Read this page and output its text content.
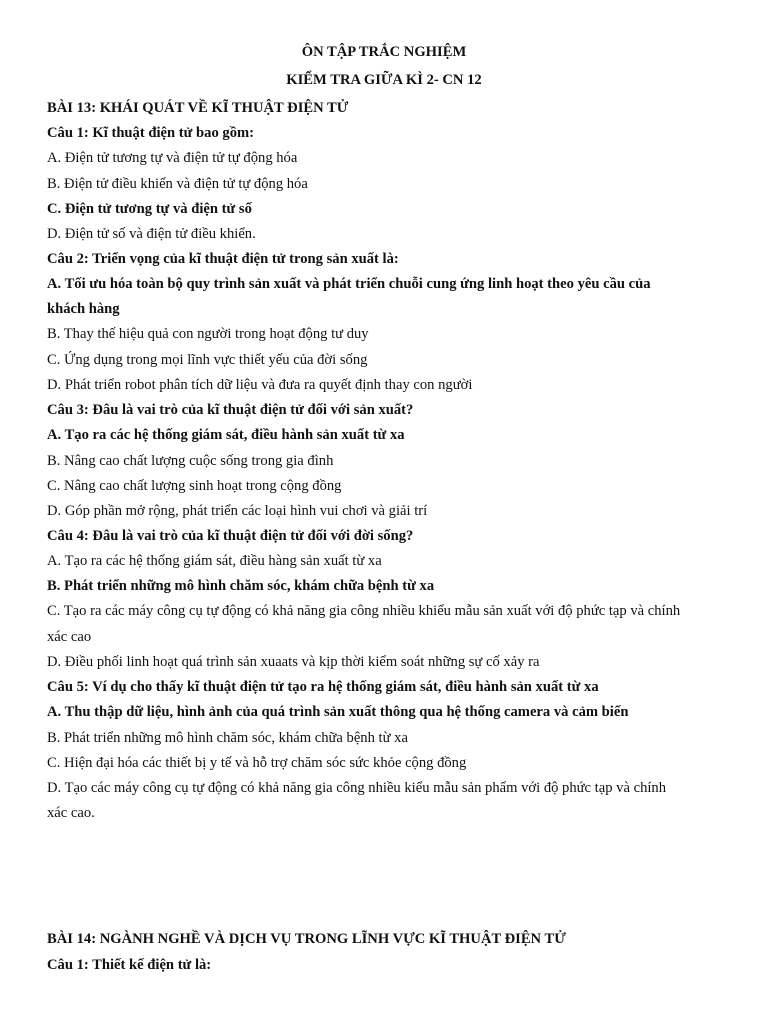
ÔN TẬP TRẮC NGHIỆM
KIỂM TRA GIỮA KÌ 2- CN 12
BÀI 13: KHÁI QUÁT VỀ KĨ THUẬT ĐIỆN TỬ
Câu 1: Kĩ thuật điện tử bao gồm:
A. Điện tử tương tự và điện tử tự động hóa
B. Điện tử điều khiển và điện tử tự động hóa
C. Điện tử tương tự và điện tử số
D. Điện tử số và điện tử điều khiển.
Câu 2: Triển vọng của kĩ thuật điện tử trong sản xuất là:
A. Tối ưu hóa toàn bộ quy trình sản xuất và phát triển chuỗi cung ứng linh hoạt theo yêu cầu của
khách hàng
B. Thay thế hiệu quả con người trong hoạt động tư duy
C. Ứng dụng trong mọi lĩnh vực thiết yếu của đời sống
D. Phát triển robot phân tích dữ liệu và đưa ra quyết định thay con người
Câu 3: Đâu là vai trò của kĩ thuật điện tử đối với sản xuất?
A. Tạo ra các hệ thống giám sát, điều hành sản xuất từ xa
B. Nâng cao chất lượng cuộc sống trong gia đình
C. Nâng cao chất lượng sinh hoạt trong cộng đồng
D. Góp phần mở rộng, phát triển các loại hình vui chơi và giải trí
Câu 4: Đâu là vai trò của kĩ thuật điện tử đối với đời sống?
A. Tạo ra các hệ thống giám sát, điều hàng sản xuất từ xa
B. Phát triển những mô hình chăm sóc, khám chữa bệnh từ xa
C. Tạo ra các máy công cụ tự động có khả năng gia công nhiều khiểu mẫu sản xuất với độ phức tạp và chính
xác cao
D. Điều phối linh hoạt quá trình sản xuaats và kịp thời kiểm soát những sự cố xảy ra
Câu 5: Ví dụ cho thấy kĩ thuật điện tử tạo ra hệ thống giám sát, điều hành sản xuất từ xa
A. Thu thập dữ liệu, hình ảnh của quá trình sản xuất thông qua hệ thống camera và cảm biến
B. Phát triển những mô hình chăm sóc, khám chữa bệnh từ xa
C. Hiện đại hóa các thiết bị y tế và hỗ trợ chăm sóc sức khỏe cộng đồng
D. Tạo các máy công cụ tự động có khả năng gia công nhiều kiểu mẫu sản phẩm với độ phức tạp và chính
xác cao.
BÀI 14: NGÀNH NGHỀ VÀ DỊCH VỤ TRONG LĨNH VỰC KĨ THUẬT ĐIỆN TỬ
Câu 1: Thiết kế điện tử là:
